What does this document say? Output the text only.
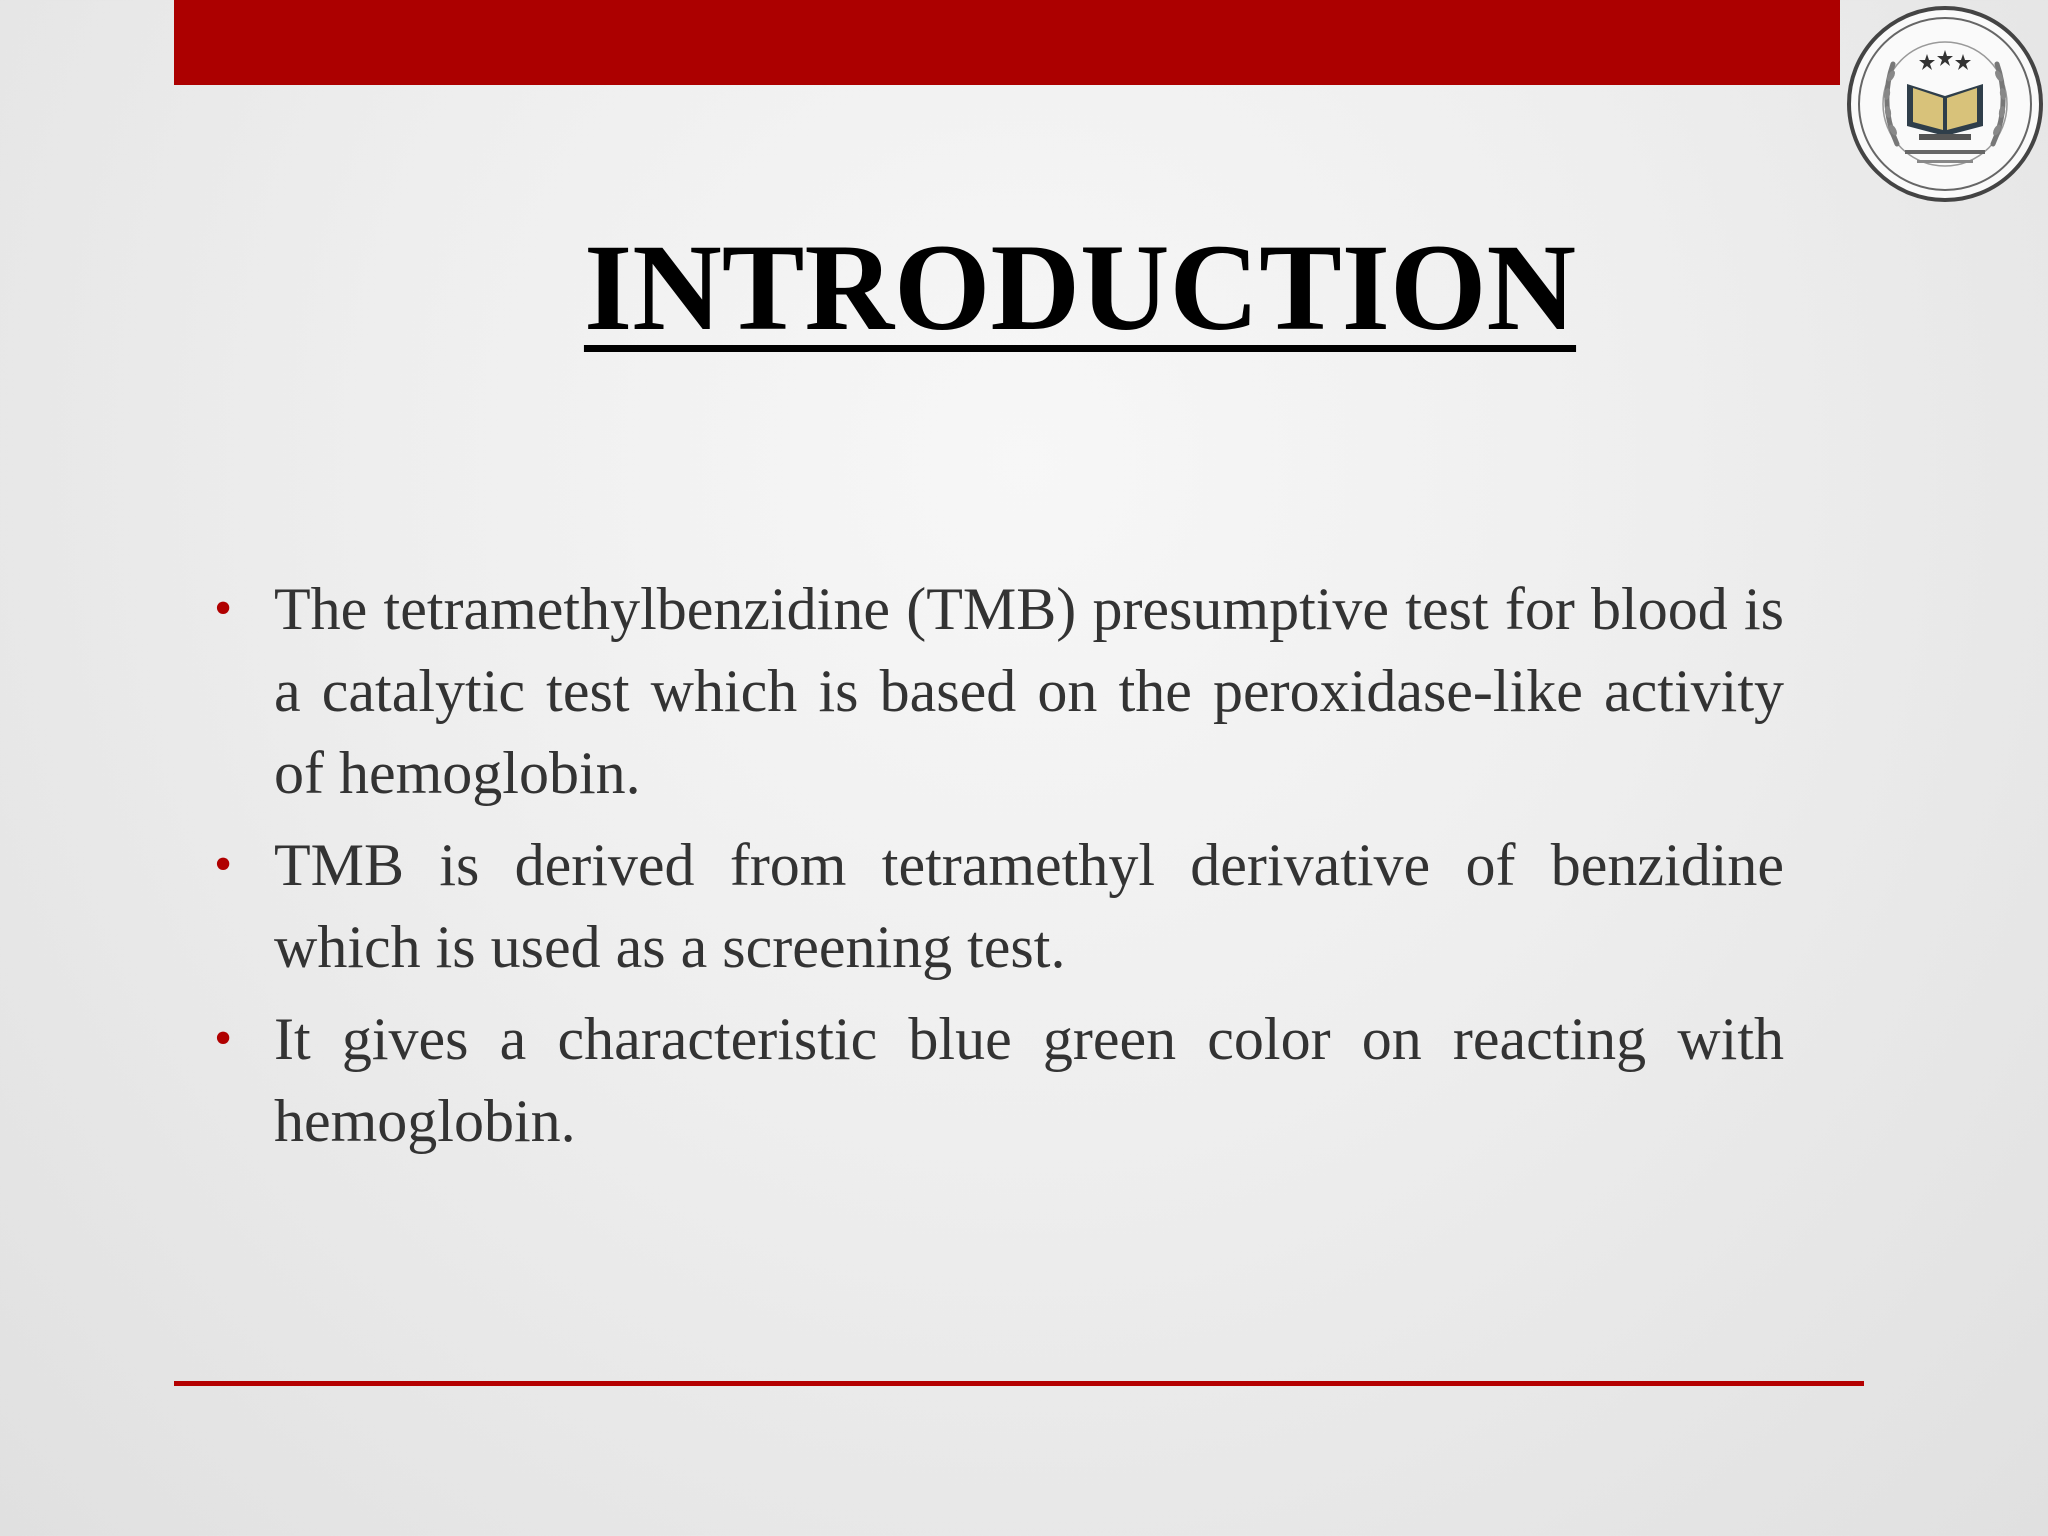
INTRODUCTION
• The tetramethylbenzidine (TMB) presumptive test for blood is a catalytic test which is based on the peroxidase-like activity of hemoglobin.
• TMB is derived from tetramethyl derivative of benzidine which is used as a screening test.
• It gives a characteristic blue green color on reacting with hemoglobin.
